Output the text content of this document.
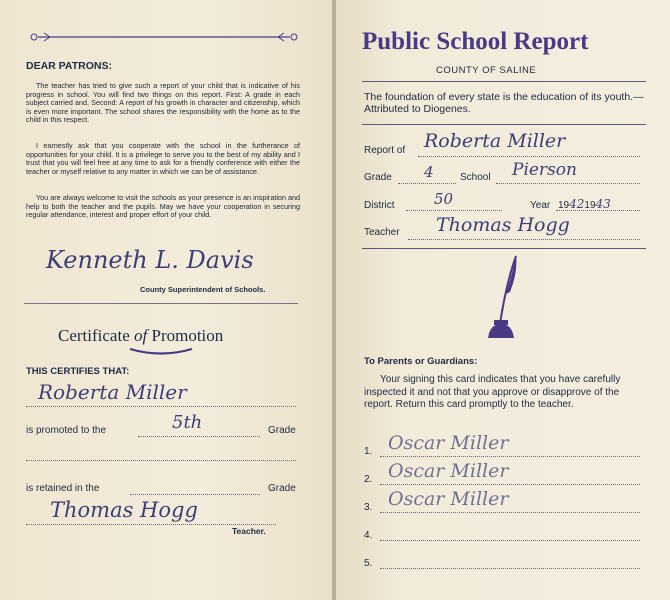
DEAR PATRONS:
The teacher has tried to give such a report of your child that is indicative of his progress in school. You will find two things on this report. First: A grade in each subject carried and, Second: A report of his growth in character and citizenship, which is even more important. The school shares the responsibility with the home as to the child in this respect.
I earnestly ask that you cooperate with the school in the furtherance of opportunities for your child. It is a privilege to serve you to the best of my ability and I trust that you will feel free at any time to ask for a friendly conference with either the teacher or myself relative to any matter in which we can be of assistance.
You are always welcome to visit the schools as your presence is an inspiration and help to both the teacher and the pupils. May we have your cooperation in securing regular attendance, interest and proper effort of your child.
Kenneth L. Davis
County Superintendent of Schools.
Certificate of Promotion
THIS CERTIFIES THAT:
Roberta Miller
is promoted to the	5th	Grade
is retained in the	Grade
Thomas Hogg
Teacher.
Public School Report
COUNTY OF SALINE
The foundation of every state is the education of its youth.—Attributed to Diogenes.
Report of Roberta Miller
Grade 4	School Pierson
District	50	Year 19421943
Teacher Thomas Hogg
To Parents or Guardians:
Your signing this card indicates that you have carefully inspected it and not that you approve or disapprove of the report. Return this card promptly to the teacher.
1. Oscar Miller
2. Oscar Miller
3. Oscar Miller
4.
5.
